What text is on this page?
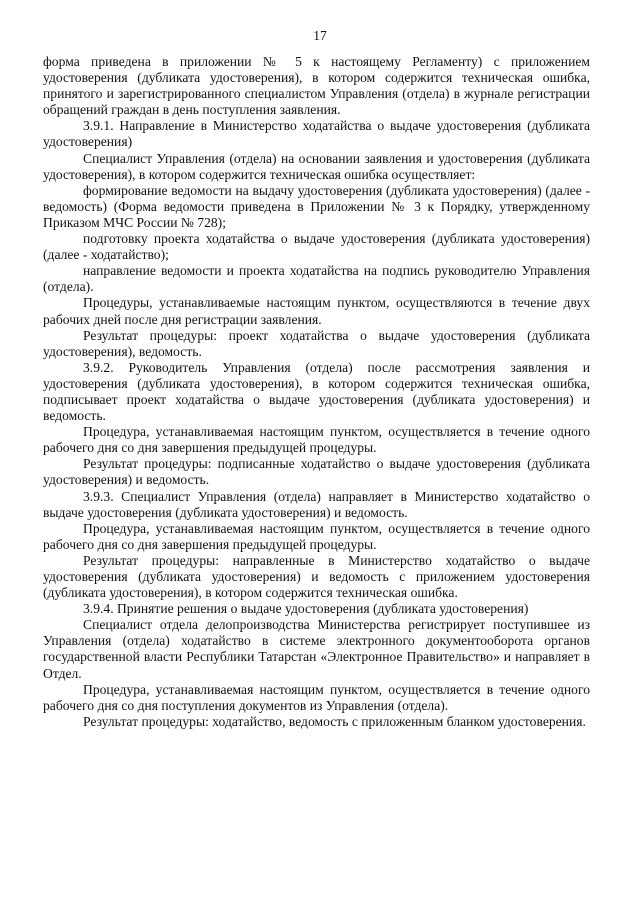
17

форма приведена в приложении № 5 к настоящему Регламенту) с приложением удостоверения (дубликата удостоверения), в котором содержится техническая ошибка, принятого и зарегистрированного специалистом Управления (отдела) в журнале регистрации обращений граждан в день поступления заявления.

3.9.1. Направление в Министерство ходатайства о выдаче удостоверения (дубликата удостоверения)

Специалист Управления (отдела) на основании заявления и удостоверения (дубликата удостоверения), в котором содержится техническая ошибка осуществляет:

формирование ведомости на выдачу удостоверения (дубликата удостоверения) (далее - ведомость) (Форма ведомости приведена в Приложении № 3 к Порядку, утвержденному Приказом МЧС России № 728);

подготовку проекта ходатайства о выдаче удостоверения (дубликата удостоверения) (далее - ходатайство);

направление ведомости и проекта ходатайства на подпись руководителю Управления (отдела).

Процедуры, устанавливаемые настоящим пунктом, осуществляются в течение двух рабочих дней после дня регистрации заявления.

Результат процедуры: проект ходатайства о выдаче удостоверения (дубликата удостоверения), ведомость.

3.9.2. Руководитель Управления (отдела) после рассмотрения заявления и удостоверения (дубликата удостоверения), в котором содержится техническая ошибка, подписывает проект ходатайства о выдаче удостоверения (дубликата удостоверения) и ведомость.

Процедура, устанавливаемая настоящим пунктом, осуществляется в течение одного рабочего дня со дня завершения предыдущей процедуры.

Результат процедуры: подписанные ходатайство о выдаче удостоверения (дубликата удостоверения) и ведомость.

3.9.3. Специалист Управления (отдела) направляет в Министерство ходатайство о выдаче удостоверения (дубликата удостоверения) и ведомость.

Процедура, устанавливаемая настоящим пунктом, осуществляется в течение одного рабочего дня со дня завершения предыдущей процедуры.

Результат процедуры: направленные в Министерство ходатайство о выдаче удостоверения (дубликата удостоверения) и ведомость с приложением удостоверения (дубликата удостоверения), в котором содержится техническая ошибка.

3.9.4. Принятие решения о выдаче удостоверения (дубликата удостоверения)

Специалист отдела делопроизводства Министерства регистрирует поступившее из Управления (отдела) ходатайство в системе электронного документооборота органов государственной власти Республики Татарстан «Электронное Правительство» и направляет в Отдел.

Процедура, устанавливаемая настоящим пунктом, осуществляется в течение одного рабочего дня со дня поступления документов из Управления (отдела).

Результат процедуры: ходатайство, ведомость с приложенным бланком удостоверения.
